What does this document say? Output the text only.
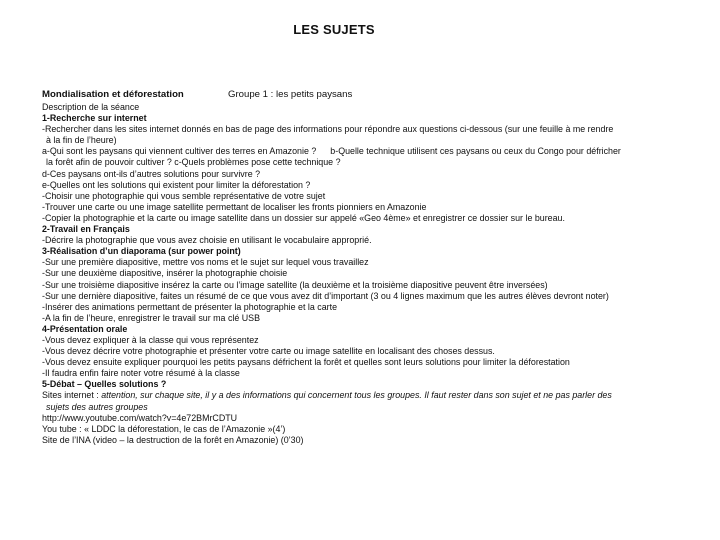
LES SUJETS
Mondialisation et déforestation	Groupe 1 : les petits paysans
Description de la séance
1-Recherche sur internet
-Rechercher dans les sites internet donnés en bas de page des informations pour répondre aux questions ci-dessous (sur une feuille à me rendre
à la fin de l’heure)
a-Qui sont les paysans qui viennent cultiver des terres en Amazonie ? b-Quelle technique utilisent ces paysans ou ceux du Congo pour défricher
la forêt afin de pouvoir cultiver ? c-Quels problèmes pose cette technique ?
d-Ces paysans ont-ils d’autres solutions pour survivre ?
e-Quelles ont les solutions qui existent pour limiter la déforestation ?
-Choisir une photographie qui vous semble représentative de votre sujet
-Trouver une carte ou une image satellite permettant de localiser les fronts pionniers en Amazonie
-Copier la photographie et la carte ou image satellite dans un dossier sur appelé «Geo 4ème» et enregistrer ce dossier sur le bureau.
2-Travail en Français
-Décrire la photographie que vous avez choisie en utilisant le vocabulaire approprié.
3-Réalisation d’un diaporama (sur power point)
-Sur une première diapositive, mettre vos noms et le sujet sur lequel vous travaillez
-Sur une deuxième diapositive, insérer la photographie choisie
-Sur une troisième diapositive insérez la carte ou l’image satellite (la deuxième et la troisième diapositive peuvent être inversées)
-Sur une dernière diapositive, faites un résumé de ce que vous avez dit d’important (3 ou 4 lignes maximum que les autres élèves devront noter)
-Insérer des animations permettant de présenter la photographie et la carte
-A la fin de l’heure, enregistrer le travail sur ma clé USB
4-Présentation orale
-Vous devez expliquer à la classe qui vous représentez
-Vous devez décrire votre photographie et présenter votre carte ou image satellite en localisant des choses dessus.
-Vous devez ensuite expliquer pourquoi les petits paysans défrichent la forêt et quelles sont leurs solutions pour limiter la déforestation
-Il faudra enfin faire noter votre résumé à la classe
5-Débat – Quelles solutions ?
Sites internet : attention, sur chaque site, il y a des informations qui concernent tous les groupes. Il faut rester dans son sujet et ne pas parler des
sujets des autres groupes
http://www.youtube.com/watch?v=4e72BMrCDTU
You tube : « LDDC la déforestation, le cas de l’Amazonie »(4’)
Site de l’INA (video – la destruction de la forêt en Amazonie) (0’30)
